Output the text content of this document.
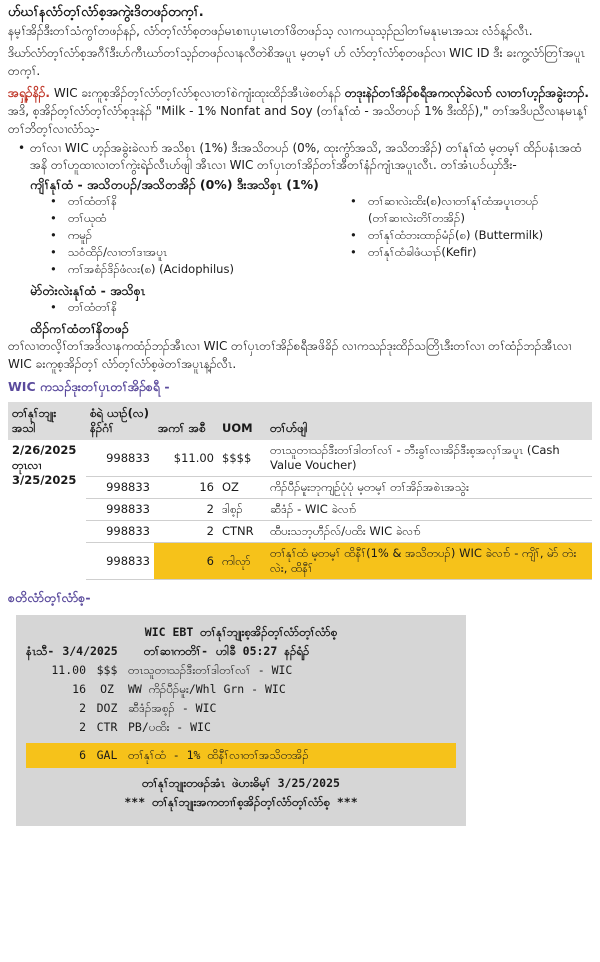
ဟ်ဃၢ်နလံာ်တ့ၢ်လံာ်စ့အကွဲးဒိတဖၣ်တက့ၢ်.
နမ့ၢ်အိၣ်ဒီးတၢ်သံကွၢ်တဖၣ်နၣ်, လံာ်တ့ၢ်လံာ်စ့တဖၣ်မၤစၢၤပှၤမၤတၢ်ဖိတဖၣ်သ့ လၢကယုသ့ၣ်ညါတၢ်မနုၤမၤအသး လံၥ်န့ၣ်လီၤ.
ဒိဃာ်လံာ်တ့ၢ်လံာ်စ့အဂီၢ်ဒီးဟ်ကီၤဃာ်တၢ်သ့ၣ်တဖၣ်လၢနလီတဲစိအပူၤ မ့တမ့ၢ် ဟ် လံာ်တ့ၢ်လံာ်စ့တဖၣ်လၢ WIC ID ဒီး ခးကွ့လံာ်တြၢ်အပူၤတက့ၢ်.
အရှ့ၣ်နိၣ်. WIC ခးကူစ့အိၣ်တ့ၢ်လံာ်တ့ၢ်လံာ်စ့လၢတၢ်စဲကျံးထုးထိၣ်အီၤဖဲစတ်နၣ် တဒုးနဲၣ်တၢ်အိၣ်စရီအကလုာ်ခဲလၢာ် လၢတၢ်ဟ့ၣ်အခွဲးဘၣ်. အဒိ, စ့အိၣ်တ့ၢ်လံာ်တ့ၢ်လံာ်စ့ဒုးနဲၣ် "Milk - 1% Nonfat and Soy (တၢ်နုၢ်ထံ - အသိတပၣ် 1% ဒီးထိၣ်)," တၢ်အဒိပညီလၢနမၤန့ၢ်တၢ်ဘိတ့ၢ်လၢလံာ်သ့-
• တၢ်လၢ WIC ဟ့ၣ်အခွဲးခဲလၢာ် အသိစှၤ (1%) ဒီးအသိတပၣ် (0%, ထုးကွံာ်အသိ, အသိတအိၣ်) တၢ်နုၢ်ထံ မ့တမ့ၢ် ထိၣ်ပနံၤအထံအနိ တၢ်ဟူထၢလၢတၢ်ကွဲးရဲၣ်လီၤဟ်ဖျါ အီၤလၢ WIC တၢ်ပှၤတၢ်အိၣ်တၢ်အီတၢ်နံၣ်ကျံၤအပူၤလီၤ. တၢ်အံၤပၥ်ယှာ်ဒီး-
ကျိၢ်နုၢ်ထံ - အသိတပၣ်/အသိတအိၣ် (0%) ဒီးအသိစှၤ (1%)
• တၢ်ထံတၢ်နိ
• တၢ်ယုထံ
• ကမူၣ်
• သဝံထိၣ်/လၢတၢ်ဒၢအပူၤ
• ကၢ်အစံၣ်ဒိၣ်ဖံလး(စ) (Acidophilus)
• တၢ်ဆၢလဲးထိး(စ)လၢတၢ်နုၢ်ထံအပူၤတပၣ်
(တၢ်ဆၢလဲးတိၢ်တအိၣ်)
• တၢ်နုၢ်ထံဘးထာၣ်မံၣ်(စ) (Buttermilk)
• တၢ်နုၢ်ထံခါဖံယၢၣ်(Kefir)
မဲာ်တဲးလဲးနုၢ်ထံ - အသိစှၤ
• တၢ်ထံတၢ်နိ
ထိၣ်ကၢ်ထံတၢ်နိတဖၣ်
တၢ်လၢတလိ့ၢ်တၢ်အဒိလၢနကထံၣ်ဘၣ်အီၤလၢ WIC တၢ်ပှၤတၢ်အိၣ်စရီအဖိခိၣ် လၢကသၣ်ဒုးထိၣ်သတြိၤဒီးတၢ်လၢ တၢ်ထံၣ်ဘၣ်အီၤလၢ WIC ခးကူစ့အိၣ်တ့ၢ် လံာ်တ့ၢ်လံာ်စ့ဖဲတၢ်အပူၤန့ၣ်လီၤ.
WIC ကသၣ်ဒုးတၢ်ပှၤတၢ်အိၣ်စရီ -
တၢ်နုၢ်ဘျုး အသါ	စံရဲ ယၢဉ်(လ) နိၣ်ဂံၢ်	အကၢ် အစီ	UOM	တၢ်ဟ်ဖျါ
2/26/2025 တုၤလၢ 3/25/2025	998833	$11.00	$$$$	တၤသူတၢသၣ်ဒီးတၢ်ဒါတၢ်လၢ် - ဘီးခွၢ်လၢအိၣ်ဒီးစ့အလှၢ်အပူၤ (Cash Value Voucher)
	998833	16	OZ	ကိၣ်ပီၣ်မူးဘုကျဉ်ပုံပုံ မ့တမ့ၢ် တၢ်အိၣ်အစဲၤအသွဲး
	998833	2	ဒါစ့ၣ်	ဆီဒံၣ် - WIC ခဲလၢာ်
	998833	2	CTNR	ထီပးသဘ့ဟီၣ်လ်/ပထိး WIC ခဲလၢာ်
	998833	6	ကါလုာ်	တၢ်နုၢ်ထံ မ့တမ့ၢ် ထိနီၢ်(1% & အသိတပၣ်) WIC ခဲလၢာ် - ကျိၢ်, မဲာ် တဲးလဲး, ထိနီၢ်
စတိလံာ်တ့ၢ်လံာ်စ့-
WIC EBT တၢ်နုၢ်ဘျုးစ့အိၣ်တ့ၢ်လံာ်တ့ၢ်လံာ်စ့
နံၤသီ- 3/4/2025 တၢ်ဆၢကတိၢ်- ဟါခီ 05:27 နၣ်ရံၣ်
11.00 $$$ တၤသူတၢသၣ်ဒီးတၢ်ဒါတၢ်လၢ် - WIC
16	OZ	WW ကိၣ်ပီၣ်မူး/Whl Grn - WIC
2 DOZ ဆီဒံၣ်အစ့ၣ် - WIC
2 CTR PB/ပထိး - WIC
6 GAL တၢ်နုၢ်ထံ - 1% ထိနီၢ်လၢတၢ်အသိတအိၣ်
တၢ်နုၢ်ဘျုးတဖၣ်အံၤ ဖဲဟးဓိမ့ၢ် 3/25/2025
*** တၢ်နုၢ်ဘျုးအကတၢၢ်စ့အိၣ်တ့ၢ်လံာ်တ့ၢ်လံာ်စ့ ***
